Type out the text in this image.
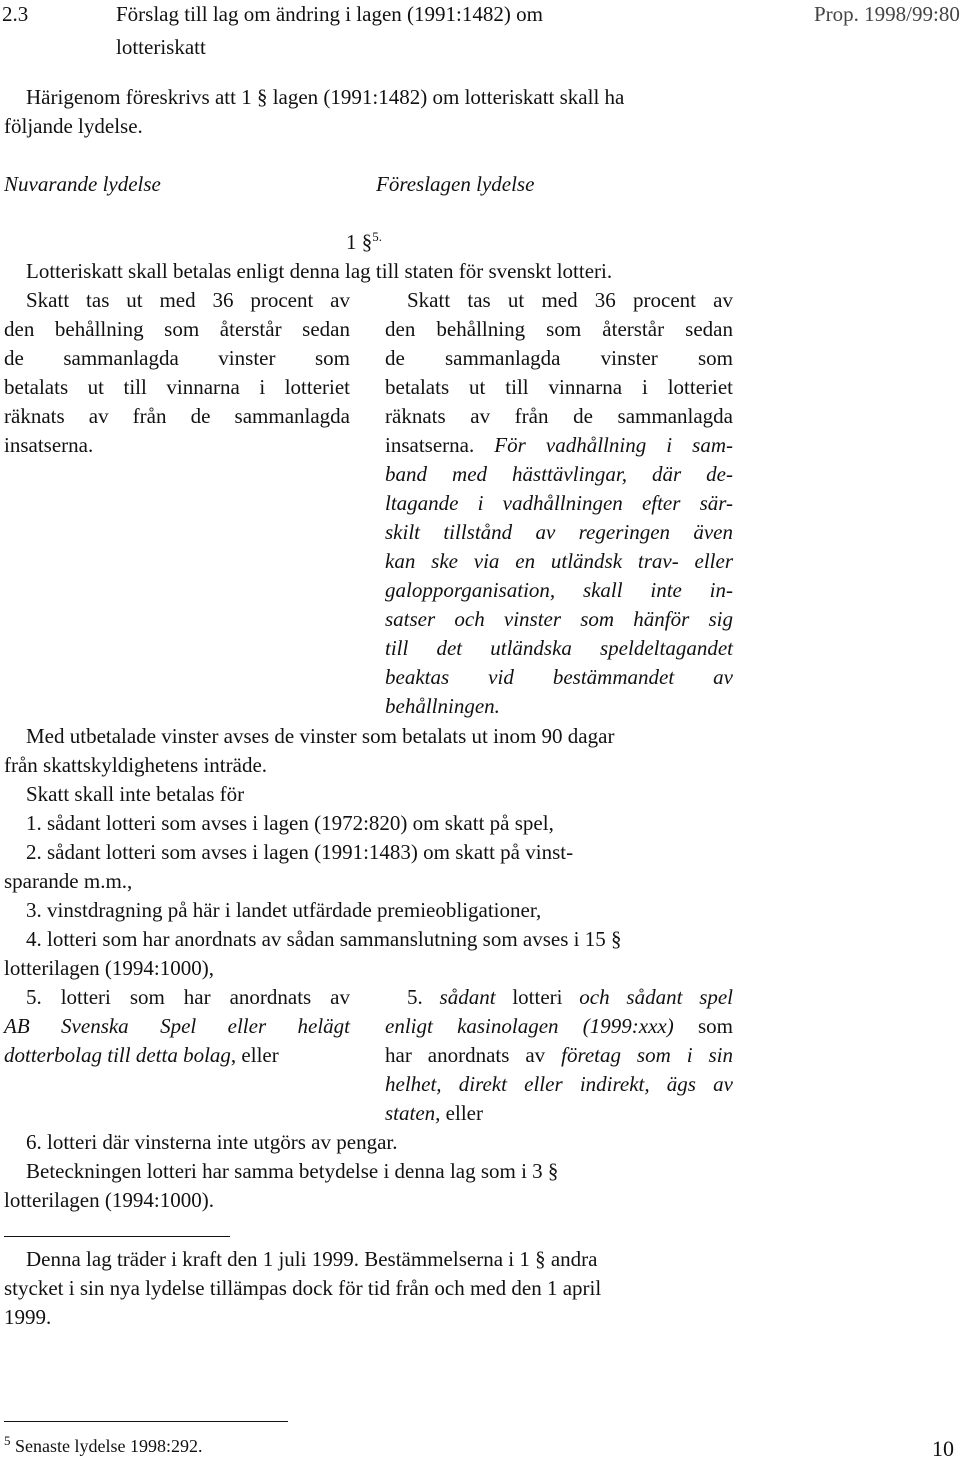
2.3	Förslag till lag om ändring i lagen (1991:1482) om
lotteriskatt
Prop. 1998/99:80
Härigenom föreskrivs att 1 § lagen (1991:1482) om lotteriskatt skall ha
följande lydelse.
Nuvarande lydelse	Föreslagen lydelse
1 §$^{5.}$
Lotteriskatt skall betalas enligt denna lag till staten för svenskt lotteri.
Skatt tas ut med 36 procent av
den behållning som återstår sedan
de sammanlagda vinster som
betalats ut till vinnarna i lotteriet
räknats av från de sammanlagda
insatserna.
Skatt tas ut med 36 procent av
den behållning som återstår sedan
de sammanlagda vinster som
betalats ut till vinnarna i lotteriet
räknats av från de sammanlagda
insatserna. För vadhållning i sam-
band med hästtävlingar, där de-
ltagande i vadhållningen efter sär-
skilt tillstånd av regeringen även
kan ske via en utländsk trav- eller
galopporganisation, skall inte in-
satser och vinster som hänför sig
till det utländska speldeltagandet
beaktas vid bestämmandet av
behållningen.
Med utbetalade vinster avses de vinster som betalats ut inom 90 dagar
från skattskyldighetens inträde.
Skatt skall inte betalas för
1. sådant lotteri som avses i lagen (1972:820) om skatt på spel,
2. sådant lotteri som avses i lagen (1991:1483) om skatt på vinst-
sparande m.m.,
3. vinstdragning på här i landet utfärdade premieobligationer,
4. lotteri som har anordnats av sådan sammanslutning som avses i 15 §
lotterilagen (1994:1000),
5. lotteri som har anordnats av
AB Svenska Spel eller helägt
dotterbolag till detta bolag, eller
5. sådant lotteri och sådant spel
enligt kasinolagen (1999:xxx) som
har anordnats av företag som i sin
helhet, direkt eller indirekt, ägs av
staten, eller
6. lotteri där vinsterna inte utgörs av pengar.
Beteckningen lotteri har samma betydelse i denna lag som i 3 §
lotterilagen (1994:1000).
Denna lag träder i kraft den 1 juli 1999. Bestämmelserna i 1 § andra
stycket i sin nya lydelse tillämpas dock för tid från och med den 1 april
1999.
$^5$ Senaste lydelse 1998:292.	10
